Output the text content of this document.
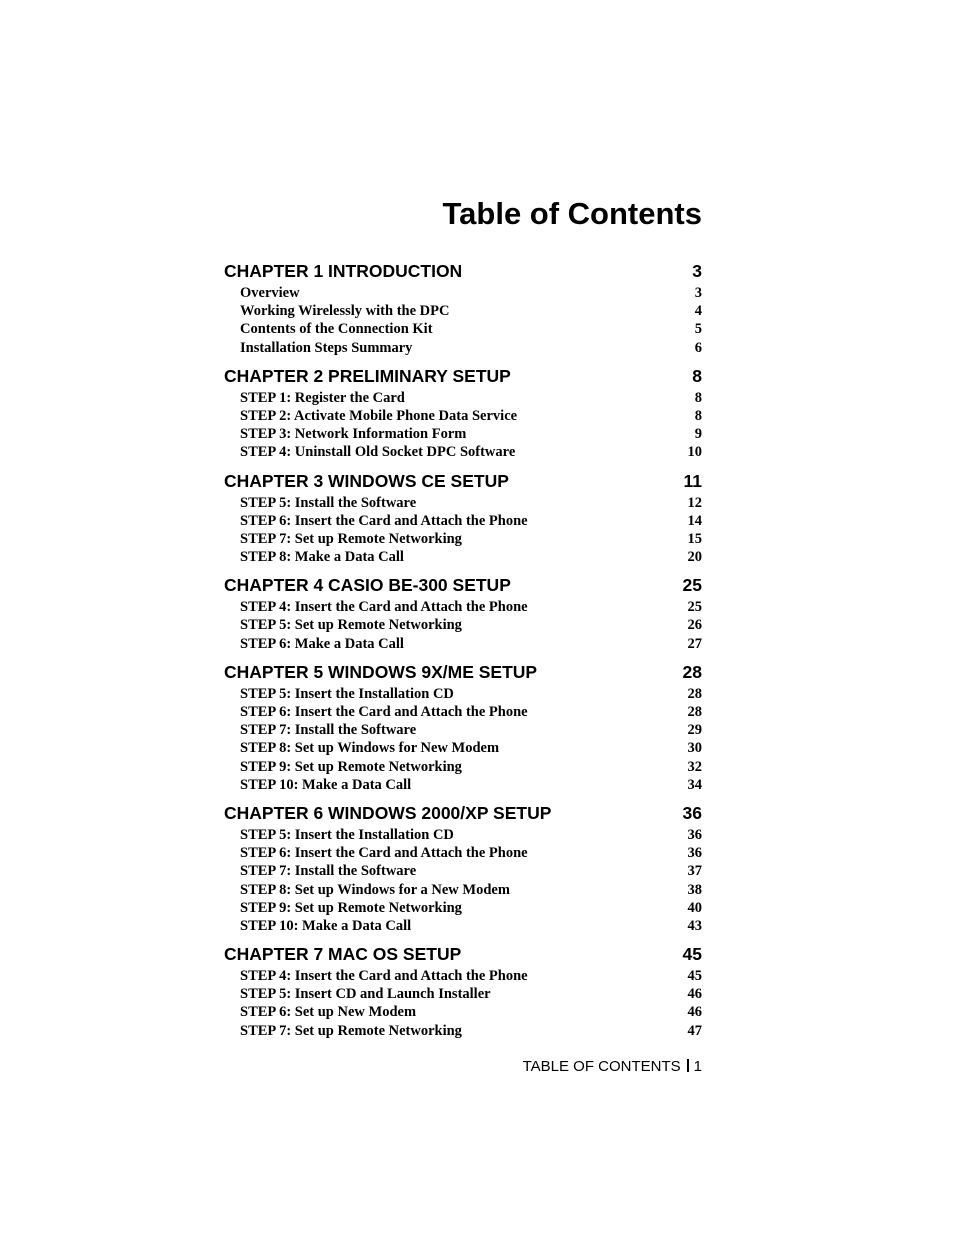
Table of Contents
CHAPTER 1 INTRODUCTION	3
Overview	3
Working Wirelessly with the DPC	4
Contents of the Connection Kit	5
Installation Steps Summary	6
CHAPTER 2 PRELIMINARY SETUP	8
STEP 1: Register the Card	8
STEP 2: Activate Mobile Phone Data Service	8
STEP 3: Network Information Form	9
STEP 4: Uninstall Old Socket DPC Software	10
CHAPTER 3 WINDOWS CE SETUP	11
STEP 5: Install the Software	12
STEP 6: Insert the Card and Attach the Phone	14
STEP 7: Set up Remote Networking	15
STEP 8: Make a Data Call	20
CHAPTER 4 CASIO BE-300 SETUP	25
STEP 4: Insert the Card and Attach the Phone	25
STEP 5: Set up Remote Networking	26
STEP 6: Make a Data Call	27
CHAPTER 5 WINDOWS 9X/ME SETUP	28
STEP 5: Insert the Installation CD	28
STEP 6: Insert the Card and Attach the Phone	28
STEP 7: Install the Software	29
STEP 8: Set up Windows for New Modem	30
STEP 9: Set up Remote Networking	32
STEP 10: Make a Data Call	34
CHAPTER 6 WINDOWS 2000/XP SETUP	36
STEP 5: Insert the Installation CD	36
STEP 6: Insert the Card and Attach the Phone	36
STEP 7: Install the Software	37
STEP 8: Set up Windows for a New Modem	38
STEP 9: Set up Remote Networking	40
STEP 10: Make a Data Call	43
CHAPTER 7 MAC OS SETUP	45
STEP 4: Insert the Card and Attach the Phone	45
STEP 5: Insert CD and Launch Installer	46
STEP 6: Set up New Modem	46
STEP 7: Set up Remote Networking	47
TABLE OF CONTENTS 1
